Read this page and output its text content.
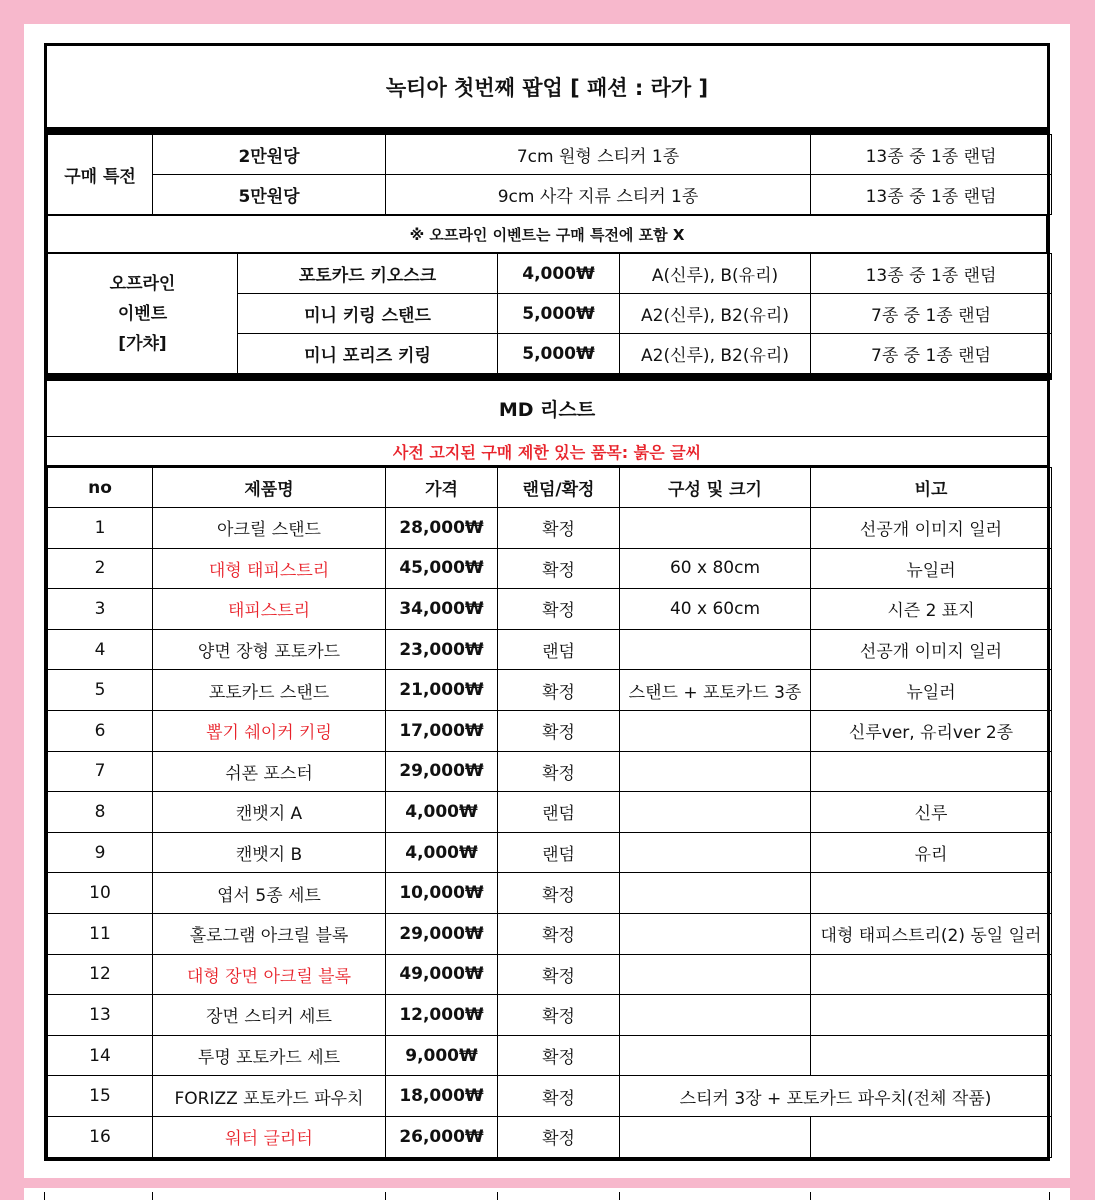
녹티아 첫번째 팝업 [ 패션 : 라가 ]
구매 특전	2만원당	7cm 원형 스티커 1종	13종 중 1종 랜덤
	5만원당	9cm 사각 지류 스티커 1종	13종 중 1종 랜덤
※ 오프라인 이벤트는 구매 특전에 포함 X
오프라인
이벤트
[가챠]	포토카드 키오스크	4,000₩	A(신루), B(유리)	13종 중 1종 랜덤
	미니 키링 스탠드	5,000₩	A2(신루), B2(유리)	7종 중 1종 랜덤
	미니 포리즈 키링	5,000₩	A2(신루), B2(유리)	7종 중 1종 랜덤
MD 리스트
사전 고지된 구매 제한 있는 품목: 붉은 글씨
no	제품명	가격	랜덤/확정	구성 및 크기	비고
1	아크릴 스탠드	28,000₩	확정		선공개 이미지 일러
2	대형 태피스트리	45,000₩	확정	60 x 80cm	뉴일러
3	태피스트리	34,000₩	확정	40 x 60cm	시즌 2 표지
4	양면 장형 포토카드	23,000₩	랜덤		선공개 이미지 일러
5	포토카드 스탠드	21,000₩	확정	스탠드 + 포토카드 3종	뉴일러
6	뽑기 쉐이커 키링	17,000₩	확정		신루ver, 유리ver 2종
7	쉬폰 포스터	29,000₩	확정		
8	캔뱃지 A	4,000₩	랜덤		신루
9	캔뱃지 B	4,000₩	랜덤		유리
10	엽서 5종 세트	10,000₩	확정		
11	홀로그램 아크릴 블록	29,000₩	확정		대형 태피스트리(2) 동일 일러
12	대형 장면 아크릴 블록	49,000₩	확정		
13	장면 스티커 세트	12,000₩	확정		
14	투명 포토카드 세트	9,000₩	확정		
15	FORIZZ 포토카드 파우치	18,000₩	확정	스티커 3장 + 포토카드 파우치(전체 작품)	
16	워터 글리터	26,000₩	확정		
